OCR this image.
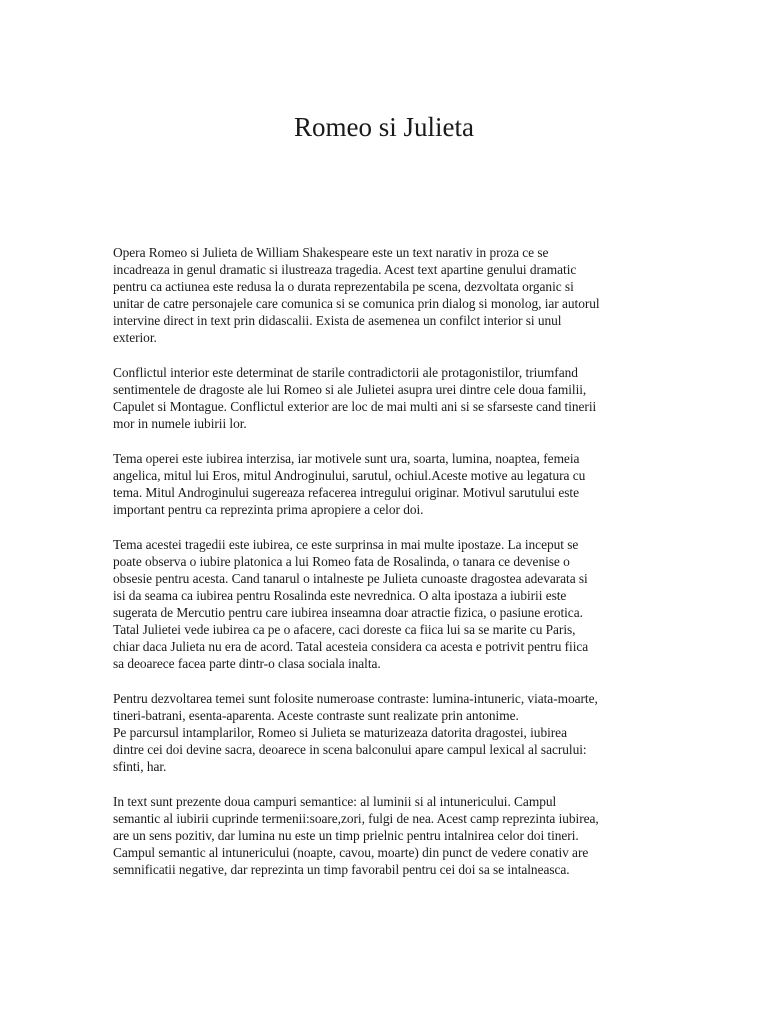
Romeo si Julieta

Opera Romeo si Julieta de William Shakespeare este un text narativ in proza ce se
incadreaza in genul dramatic si ilustreaza tragedia. Acest text apartine genului dramatic
pentru ca actiunea este redusa la o durata reprezentabila pe scena, dezvoltata organic si
unitar de catre personajele care comunica si se comunica prin dialog si monolog, iar autorul
intervine direct in text prin didascalii. Exista de asemenea un confilct interior si unul
exterior.

Conflictul interior este determinat de starile contradictorii ale protagonistilor, triumfand
sentimentele de dragoste ale lui Romeo si ale Julietei asupra urei dintre cele doua familii,
Capulet si Montague. Conflictul exterior are loc de mai multi ani si se sfarseste cand tinerii
mor in numele iubirii lor.

Tema operei este iubirea interzisa, iar motivele sunt ura, soarta, lumina, noaptea, femeia
angelica, mitul lui Eros, mitul Androginului, sarutul, ochiul.Aceste motive au legatura cu
tema. Mitul Androginului sugereaza refacerea intregului originar. Motivul sarutului este
important pentru ca reprezinta prima apropiere a celor doi.

Tema acestei tragedii este iubirea, ce este surprinsa in mai multe ipostaze. La inceput se
poate observa o iubire platonica a lui Romeo fata de Rosalinda, o tanara ce devenise o
obsesie pentru acesta. Cand tanarul o intalneste pe Julieta cunoaste dragostea adevarata si
isi da seama ca iubirea pentru Rosalinda este nevrednica. O alta ipostaza a iubirii este
sugerata de Mercutio pentru care iubirea inseamna doar atractie fizica, o pasiune erotica.
Tatal Julietei vede iubirea ca pe o afacere, caci doreste ca fiica lui sa se marite cu Paris,
chiar daca Julieta nu era de acord. Tatal acesteia considera ca acesta e potrivit pentru fiica
sa deoarece facea parte dintr-o clasa sociala inalta.

Pentru dezvoltarea temei sunt folosite numeroase contraste: lumina-intuneric, viata-moarte,
tineri-batrani, esenta-aparenta. Aceste contraste sunt realizate prin antonime.
Pe parcursul intamplarilor, Romeo si Julieta se maturizeaza datorita dragostei, iubirea
dintre cei doi devine sacra, deoarece in scena balconului apare campul lexical al sacrului:
sfinti, har.

In text sunt prezente doua campuri semantice: al luminii si al intunericului. Campul
semantic al iubirii cuprinde termenii:soare,zori, fulgi de nea. Acest camp reprezinta iubirea,
are un sens pozitiv, dar lumina nu este un timp prielnic pentru intalnirea celor doi tineri.
Campul semantic al intunericului (noapte, cavou, moarte) din punct de vedere conativ are
semnificatii negative, dar reprezinta un timp favorabil pentru cei doi sa se intalneasca.
